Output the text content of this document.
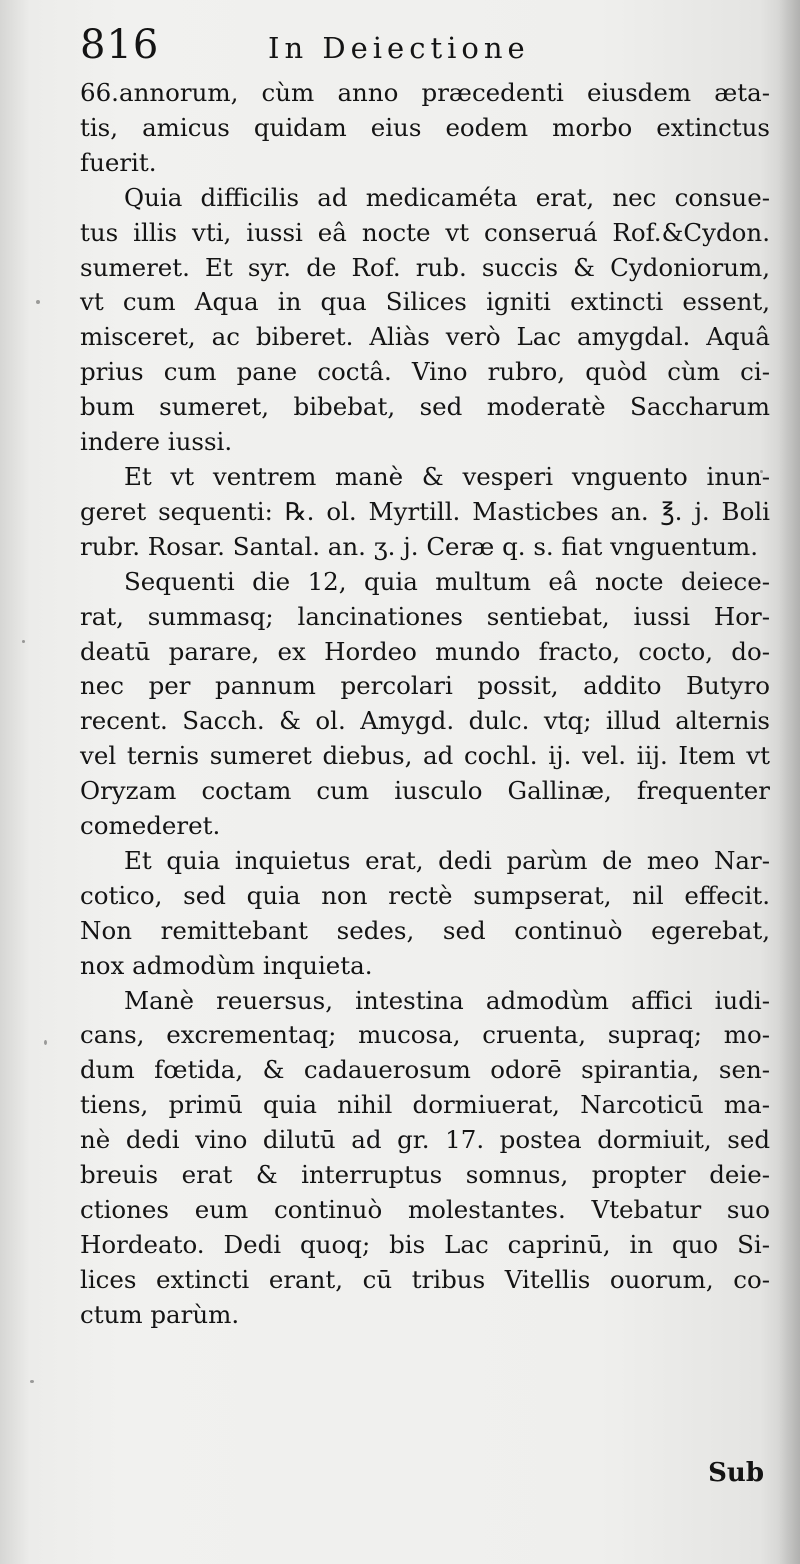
816	In Deiectione

66.annorum, cùm anno præcedenti eiusdem æta-
tis, amicus quidam eius eodem morbo extinctus
fuerit.

Quia difficilis ad medicaméta erat, nec consue-
tus illis vti, iussi eâ nocte vt conseruá Rof.&Cydon.
sumeret. Et syr. de Rof. rub. succis & Cydoniorum,
vt cum Aqua in qua Silices igniti extincti essent,
misceret, ac biberet. Aliàs verò Lac amygdal. Aquâ
prius cum pane coctâ. Vino rubro, quòd cùm ci-
bum sumeret, bibebat, sed moderatè Saccharum
indere iussi.

Et vt ventrem manè & vesperi vnguento inun-
geret sequenti: ℞. ol. Myrtill. Masticbes an. ℥. j. Boli
rubr. Rosar. Santal. an. ʒ. j. Ceræ q. s. fiat vnguentum.

Sequenti die 12, quia multum eâ nocte deiece-
rat, summasq; lancinationes sentiebat, iussi Hor-
deatū parare, ex Hordeo mundo fracto, cocto, do-
nec per pannum percolari possit, addito Butyro
recent. Sacch. & ol. Amygd. dulc. vtq; illud alternis
vel ternis sumeret diebus, ad cochl. ij. vel. iij. Item vt
Oryzam coctam cum iusculo Gallinæ, frequenter
comederet.

Et quia inquietus erat, dedi parùm de meo Nar-
cotico, sed quia non rectè sumpserat, nil effecit.
Non remittebant sedes, sed continuò egerebat,
nox admodùm inquieta.

Manè reuersus, intestina admodùm affici iudi-
cans, excrementaq; mucosa, cruenta, supraq; mo-
dum fœtida, & cadauerosum odorē spirantia, sen-
tiens, primū quia nihil dormiuerat, Narcoticū ma-
nè dedi vino dilutū ad gr. 17. postea dormiuit, sed
breuis erat & interruptus somnus, propter deie-
ctiones eum continuò molestantes. Vtebatur suo
Hordeato. Dedi quoq; bis Lac caprinū, in quo Si-
lices extincti erant, cū tribus Vitellis ouorum, co-
ctum parùm.

Sub
